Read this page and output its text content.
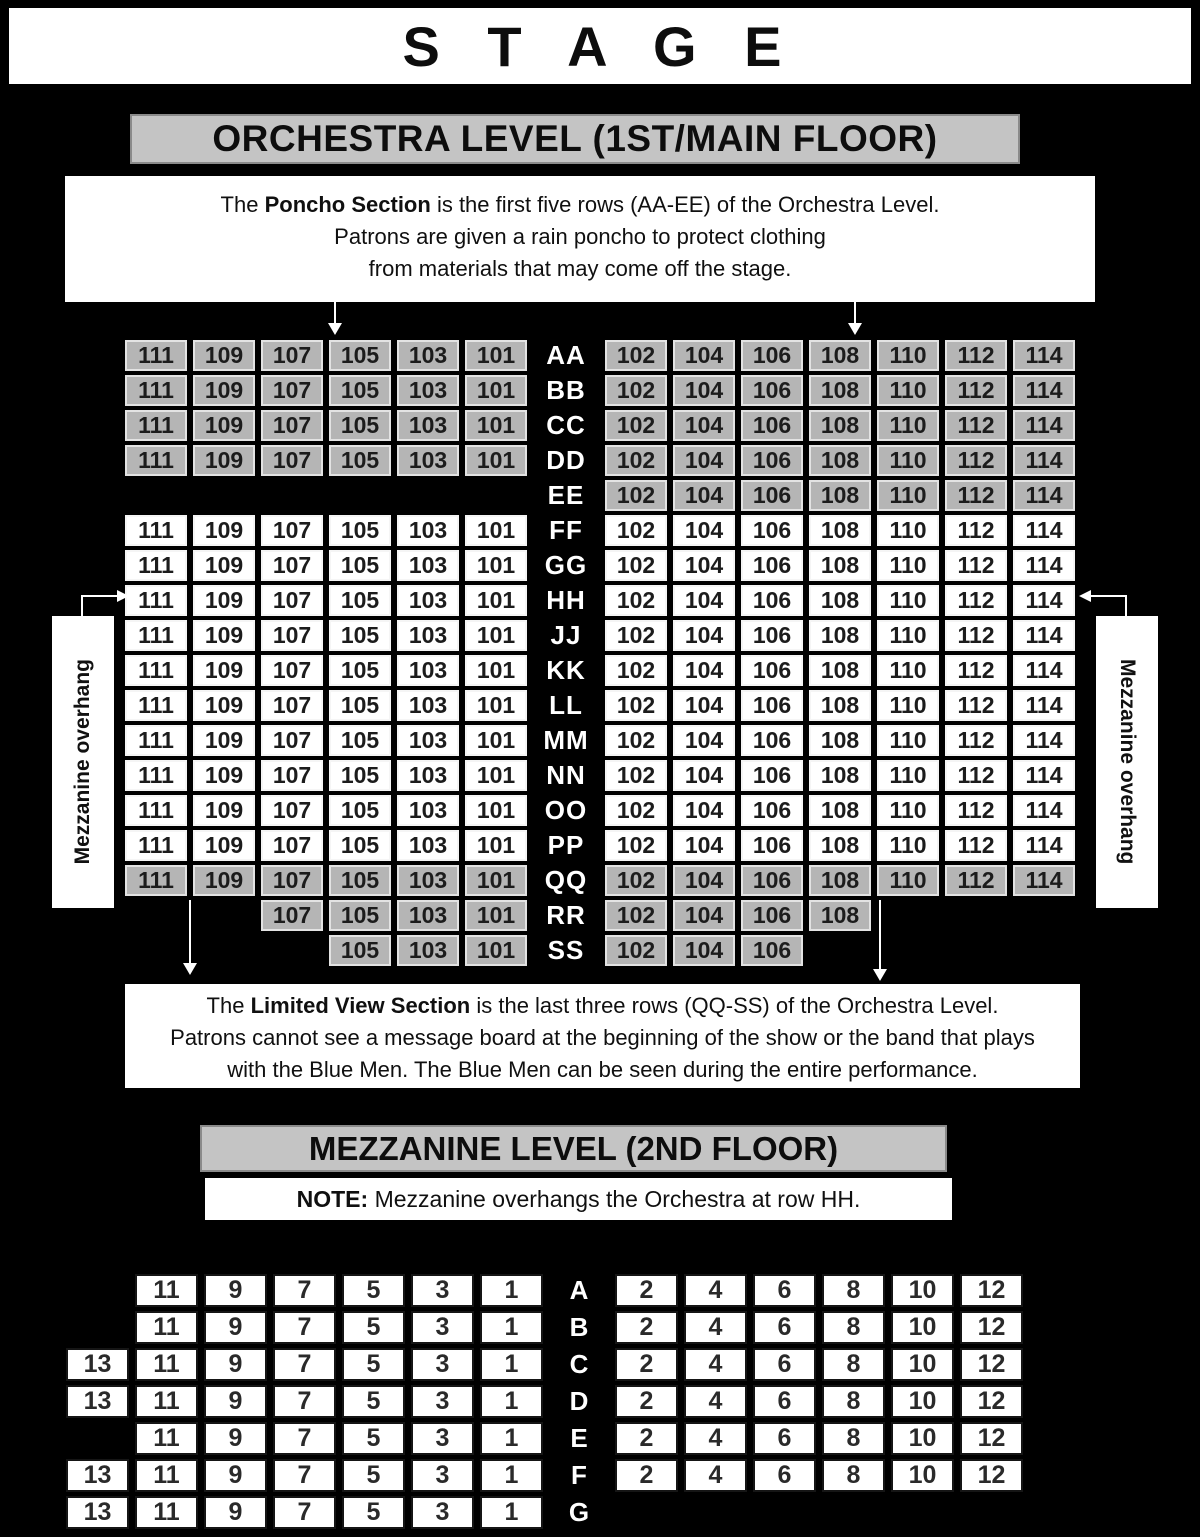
S T A G E
ORCHESTRA LEVEL (1ST/MAIN FLOOR)
The Poncho Section is the first five rows (AA-EE) of the Orchestra Level.
Patrons are given a rain poncho to protect clothing
from materials that may come off the stage.
111	109	107	105	103	101	AA	102	104	106	108	110	112	114
111	109	107	105	103	101	BB	102	104	106	108	110	112	114
111	109	107	105	103	101	CC	102	104	106	108	110	112	114
111	109	107	105	103	101	DD	102	104	106	108	110	112	114
EE	102	104	106	108	110	112	114
111	109	107	105	103	101	FF	102	104	106	108	110	112	114
111	109	107	105	103	101	GG	102	104	106	108	110	112	114
111	109	107	105	103	101	HH	102	104	106	108	110	112	114
111	109	107	105	103	101	JJ	102	104	106	108	110	112	114
111	109	107	105	103	101	KK	102	104	106	108	110	112	114
111	109	107	105	103	101	LL	102	104	106	108	110	112	114
111	109	107	105	103	101	MM	102	104	106	108	110	112	114
111	109	107	105	103	101	NN	102	104	106	108	110	112	114
111	109	107	105	103	101	OO	102	104	106	108	110	112	114
111	109	107	105	103	101	PP	102	104	106	108	110	112	114
111	109	107	105	103	101	QQ	102	104	106	108	110	112	114
107	105	103	101	RR	102	104	106	108
105	103	101	SS	102	104	106
Mezzanine overhang	Mezzanine overhang
The Limited View Section is the last three rows (QQ-SS) of the Orchestra Level.
Patrons cannot see a message board at the beginning of the show or the band that plays
with the Blue Men. The Blue Men can be seen during the entire performance.
MEZZANINE LEVEL (2ND FLOOR)
NOTE: Mezzanine overhangs the Orchestra at row HH.
11	9	7	5	3	1	A	2	4	6	8	10	12
11	9	7	5	3	1	B	2	4	6	8	10	12
13	11	9	7	5	3	1	C	2	4	6	8	10	12
13	11	9	7	5	3	1	D	2	4	6	8	10	12
11	9	7	5	3	1	E	2	4	6	8	10	12
13	11	9	7	5	3	1	F	2	4	6	8	10	12
13	11	9	7	5	3	1	G
